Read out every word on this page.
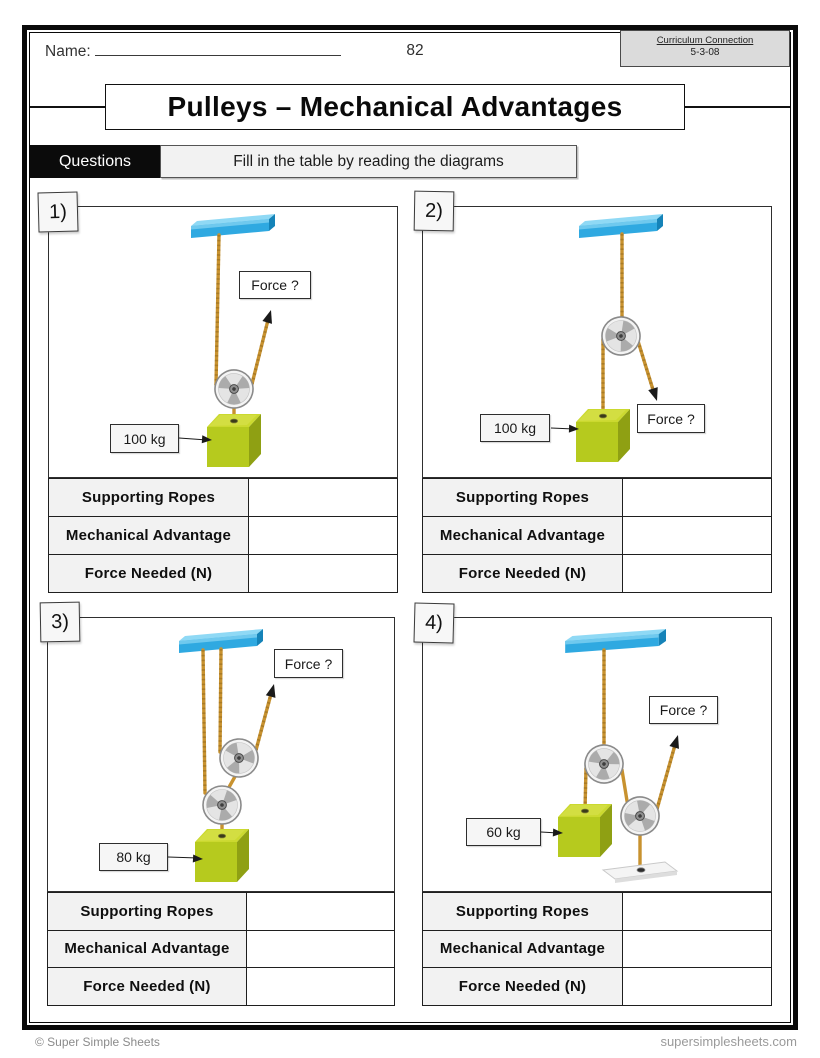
Name:	82
Curriculum Connection
5-3-08
Pulleys – Mechanical Advantages
Questions	Fill in the table by reading the diagrams
1)
Force ?
100 kg
Supporting Ropes	
Mechanical Advantage	
Force Needed (N)	
2)
Force ?
100 kg
Supporting Ropes	
Mechanical Advantage	
Force Needed (N)	
3)
Force ?
80 kg
Supporting Ropes	
Mechanical Advantage	
Force Needed (N)	
4)
Force ?
60 kg
Supporting Ropes	
Mechanical Advantage	
Force Needed (N)	
© Super Simple Sheets	supersimplesheets.com
